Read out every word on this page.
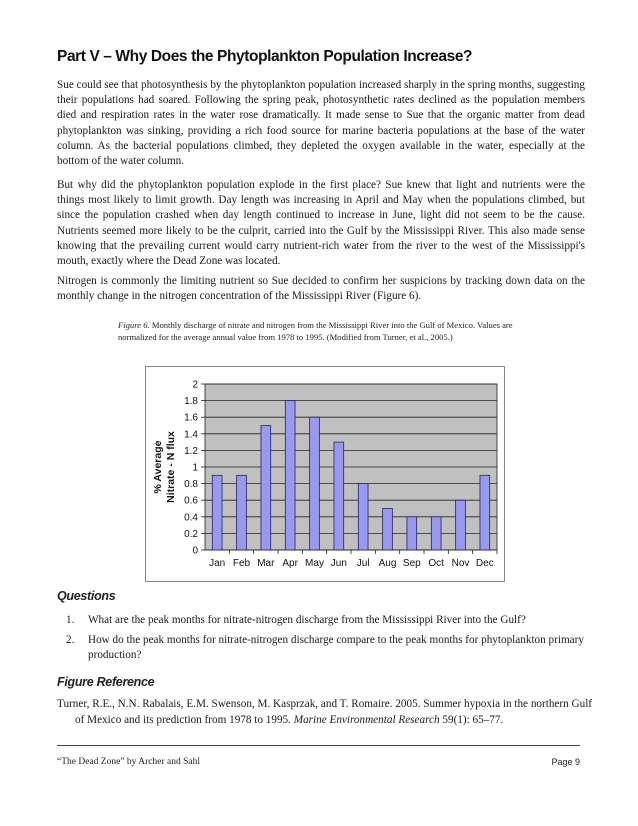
Part V – Why Does the Phytoplankton Population Increase?

Sue could see that photosynthesis by the phytoplankton population increased sharply in the spring months, suggesting their populations had soared. Following the spring peak, photosynthetic rates declined as the population members died and respiration rates in the water rose dramatically. It made sense to Sue that the organic matter from dead phytoplankton was sinking, providing a rich food source for marine bacteria populations at the base of the water column. As the bacterial populations climbed, they depleted the oxygen available in the water, especially at the bottom of the water column.

But why did the phytoplankton population explode in the first place? Sue knew that light and nutrients were the things most likely to limit growth. Day length was increasing in April and May when the populations climbed, but since the population crashed when day length continued to increase in June, light did not seem to be the cause. Nutrients seemed more likely to be the culprit, carried into the Gulf by the Mississippi River. This also made sense knowing that the prevailing current would carry nutrient-rich water from the river to the west of the Mississippi's mouth, exactly where the Dead Zone was located.

Nitrogen is commonly the limiting nutrient so Sue decided to confirm her suspicions by tracking down data on the monthly change in the nitrogen concentration of the Mississippi River (Figure 6).

Figure 6. Monthly discharge of nitrate and nitrogen from the Mississippi River into the Gulf of Mexico. Values are normalized for the average annual value from 1978 to 1995. (Modified from Turner, et al., 2005.)

0
0.2
0.4
0.6
0.8
1
1.2
1.4
1.6
1.8
2
Jan Feb Mar Apr May Jun Jul Aug Sep Oct Nov Dec
% Average Nitrate - N flux
Questions
1.	What are the peak months for nitrate-nitrogen discharge from the Mississippi River into the Gulf?
2.	How do the peak months for nitrate-nitrogen discharge compare to the peak months for phytoplankton primary production?
Figure Reference

Turner, R.E., N.N. Rabalais, E.M. Swenson, M. Kasprzak, and T. Romaire. 2005. Summer hypoxia in the northern Gulf of Mexico and its prediction from 1978 to 1995. Marine Environmental Research 59(1): 65–77.

“The Dead Zone” by Archer and Sahl	Page 9
